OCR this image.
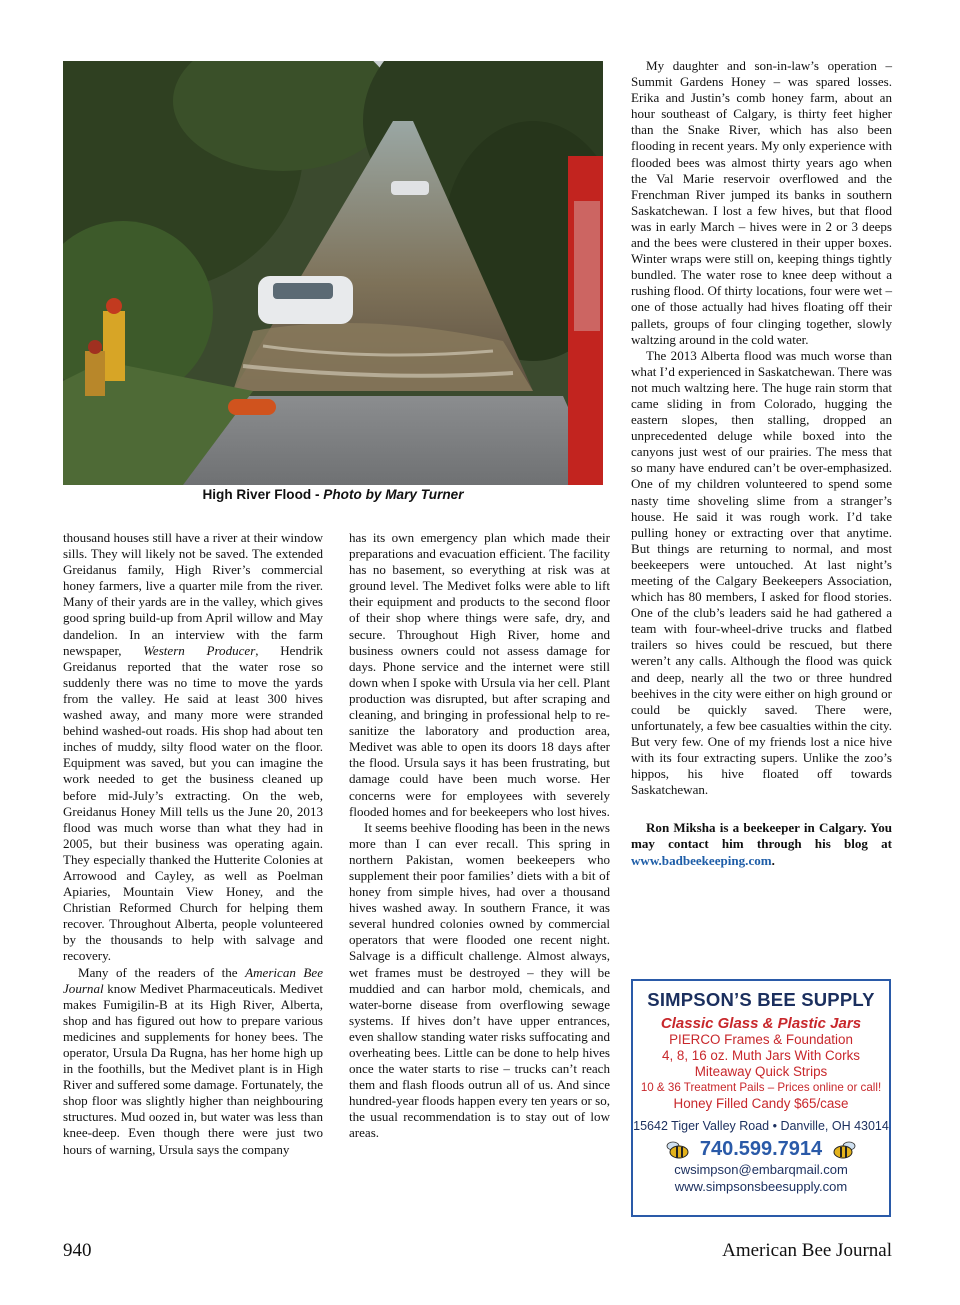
High River Flood - Photo by Mary Turner

thousand houses still have a river at their window sills. They will likely not be saved. The extended Greidanus family, High River’s commercial honey farmers, live a quarter mile from the river. Many of their yards are in the valley, which gives good spring build-up from April willow and May dandelion. In an interview with the farm newspaper, Western Producer, Hendrik Greidanus reported that the water rose so suddenly there was no time to move the yards from the valley. He said at least 300 hives washed away, and many more were stranded behind washed-out roads. His shop had about ten inches of muddy, silty flood water on the floor. Equipment was saved, but you can imagine the work needed to get the business cleaned up before mid-July’s extracting. On the web, Greidanus Honey Mill tells us the June 20, 2013 flood was much worse than what they had in 2005, but their business was operating again. They especially thanked the Hutterite Colonies at Arrowood and Cayley, as well as Poelman Apiaries, Mountain View Honey, and the Christian Reformed Church for helping them recover. Throughout Alberta, people volunteered by the thousands to help with salvage and recovery.

Many of the readers of the American Bee Journal know Medivet Pharmaceuticals. Medivet makes Fumigilin-B at its High River, Alberta, shop and has figured out how to prepare various medicines and supplements for honey bees. The operator, Ursula Da Rugna, has her home high up in the foothills, but the Medivet plant is in High River and suffered some damage. Fortunately, the shop floor was slightly higher than neighbouring structures. Mud oozed in, but water was less than knee-deep. Even though there were just two hours of warning, Ursula says the company

has its own emergency plan which made their preparations and evacuation efficient. The facility has no basement, so everything at risk was at ground level. The Medivet folks were able to lift their equipment and products to the second floor of their shop where things were safe, dry, and secure. Throughout High River, home and business owners could not assess damage for days. Phone service and the internet were still down when I spoke with Ursula via her cell. Plant production was disrupted, but after scraping and cleaning, and bringing in professional help to re-sanitize the laboratory and production area, Medivet was able to open its doors 18 days after the flood. Ursula says it has been frustrating, but damage could have been much worse. Her concerns were for employees with severely flooded homes and for beekeepers who lost hives.

It seems beehive flooding has been in the news more than I can ever recall. This spring in northern Pakistan, women beekeepers who supplement their poor families’ diets with a bit of honey from simple hives, had over a thousand hives washed away. In southern France, it was several hundred colonies owned by commercial operators that were flooded one recent night. Salvage is a difficult challenge. Almost always, wet frames must be destroyed – they will be muddied and can harbor mold, chemicals, and water-borne disease from overflowing sewage systems. If hives don’t have upper entrances, even shallow standing water risks suffocating and overheating bees. Little can be done to help hives once the water starts to rise – trucks can’t reach them and flash floods outrun all of us. And since hundred-year floods happen every ten years or so, the usual recommendation is to stay out of low areas.

My daughter and son-in-law’s operation – Summit Gardens Honey – was spared losses. Erika and Justin’s comb honey farm, about an hour southeast of Calgary, is thirty feet higher than the Snake River, which has also been flooding in recent years. My only experience with flooded bees was almost thirty years ago when the Val Marie reservoir overflowed and the Frenchman River jumped its banks in southern Saskatchewan. I lost a few hives, but that flood was in early March – hives were in 2 or 3 deeps and the bees were clustered in their upper boxes. Winter wraps were still on, keeping things tightly bundled. The water rose to knee deep without a rushing flood. Of thirty locations, four were wet – one of those actually had hives floating off their pallets, groups of four clinging together, slowly waltzing around in the cold water.

The 2013 Alberta flood was much worse than what I’d experienced in Saskatchewan. There was not much waltzing here. The huge rain storm that came sliding in from Colorado, hugging the eastern slopes, then stalling, dropped an unprecedented deluge while boxed into the canyons just west of our prairies. The mess that so many have endured can’t be over-emphasized. One of my children volunteered to spend some nasty time shoveling slime from a stranger’s house. He said it was rough work. I’d take pulling honey or extracting over that anytime. But things are returning to normal, and most beekeepers were untouched. At last night’s meeting of the Calgary Beekeepers Association, which has 80 members, I asked for flood stories. One of the club’s leaders said he had gathered a team with four-wheel-drive trucks and flatbed trailers so hives could be rescued, but there weren’t any calls. Although the flood was quick and deep, nearly all the two or three hundred beehives in the city were either on high ground or could be quickly saved. There were, unfortunately, a few bee casualties within the city. But very few. One of my friends lost a nice hive with its four extracting supers. Unlike the zoo’s hippos, his hive floated off towards Saskatchewan.

Ron Miksha is a beekeeper in Calgary. You may contact him through his blog at www.badbeekeeping.com.

SIMPSON’S BEE SUPPLY
Classic Glass & Plastic Jars
PIERCO Frames & Foundation
4, 8, 16 oz. Muth Jars With Corks
Miteaway Quick Strips
10 & 36 Treatment Pails – Prices online or call!
Honey Filled Candy $65/case
15642 Tiger Valley Road • Danville, OH 43014
740.599.7914
cwsimpson@embarqmail.com
www.simpsonsbeesupply.com
940	American Bee Journal
